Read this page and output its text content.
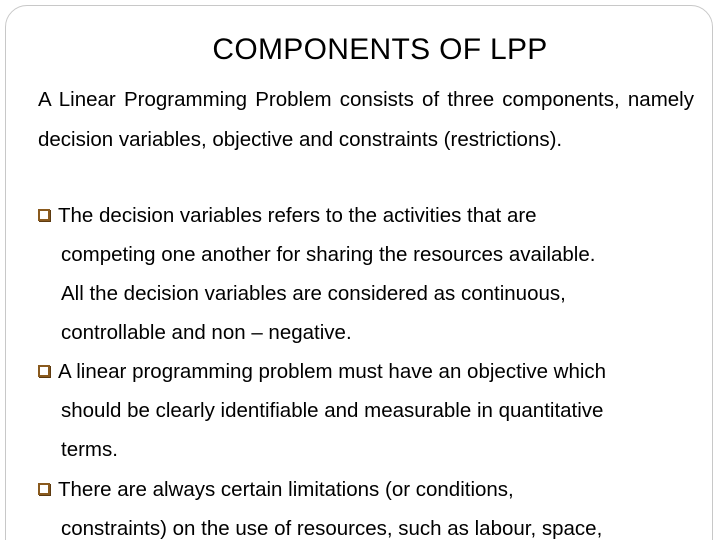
COMPONENTS OF LPP
A Linear Programming Problem consists of three components, namely decision variables, objective and constraints (restrictions).
The decision variables refers to the activities that are
competing one another for sharing the resources available.
All the decision variables are considered as continuous,
controllable and non – negative.
A linear programming problem must have an objective which
should be clearly identifiable and measurable in quantitative
terms.
There are always certain limitations (or conditions,
constraints) on the use of resources, such as labour, space,
